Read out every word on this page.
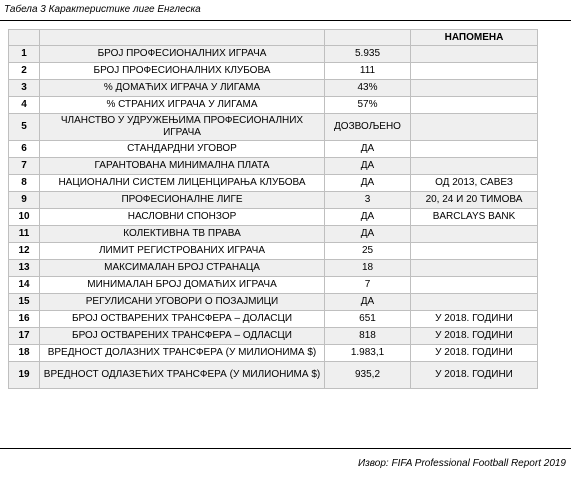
Табела 3 Карактеристике лиге Енглеска
			НАПОМЕНА
1	БРОЈ ПРОФЕСИОНАЛНИХ ИГРАЧА	5.935	
2	БРОЈ ПРОФЕСИОНАЛНИХ КЛУБОВА	111	
3	% ДОМАЋИХ ИГРАЧА У ЛИГАМА	43%	
4	% СТРАНИХ ИГРАЧА У ЛИГАМА	57%	
5	ЧЛАНСТВО У УДРУЖЕЊИМА ПРОФЕСИОНАЛНИХ ИГРАЧА	ДОЗВОЉЕНО	
6	СТАНДАРДНИ УГОВОР	ДА	
7	ГАРАНТОВАНА МИНИМАЛНА ПЛАТА	ДА	
8	НАЦИОНАЛНИ СИСТЕМ ЛИЦЕНЦИРАЊА КЛУБОВА	ДА	ОД 2013, САВЕЗ
9	ПРОФЕСИОНАЛНЕ ЛИГЕ	3	20, 24 И 20 ТИМОВА
10	НАСЛОВНИ СПОНЗОР	ДА	BARCLAYS BANK
11	КОЛЕКТИВНА ТВ ПРАВА	ДА	
12	ЛИМИТ РЕГИСТРОВАНИХ ИГРАЧА	25	
13	МАКСИМАЛАН БРОЈ СТРАНАЦА	18	
14	МИНИМАЛАН БРОЈ ДОМАЋИХ ИГРАЧА	7	
15	РЕГУЛИСАНИ УГОВОРИ О ПОЗАЈМИЦИ	ДА	
16	БРОЈ ОСТВАРЕНИХ ТРАНСФЕРА – ДОЛАСЦИ	651	У 2018. ГОДИНИ
17	БРОЈ ОСТВАРЕНИХ ТРАНСФЕРА – ОДЛАСЦИ	818	У 2018. ГОДИНИ
18	ВРЕДНОСТ ДОЛАЗНИХ ТРАНСФЕРА (У МИЛИОНИМА $)	1.983,1	У 2018. ГОДИНИ
19	ВРЕДНОСТ ОДЛАЗЕЋИХ ТРАНСФЕРА (У МИЛИОНИМА $)	935,2	У 2018. ГОДИНИ
Извор: FIFA Professional Football Report 2019
